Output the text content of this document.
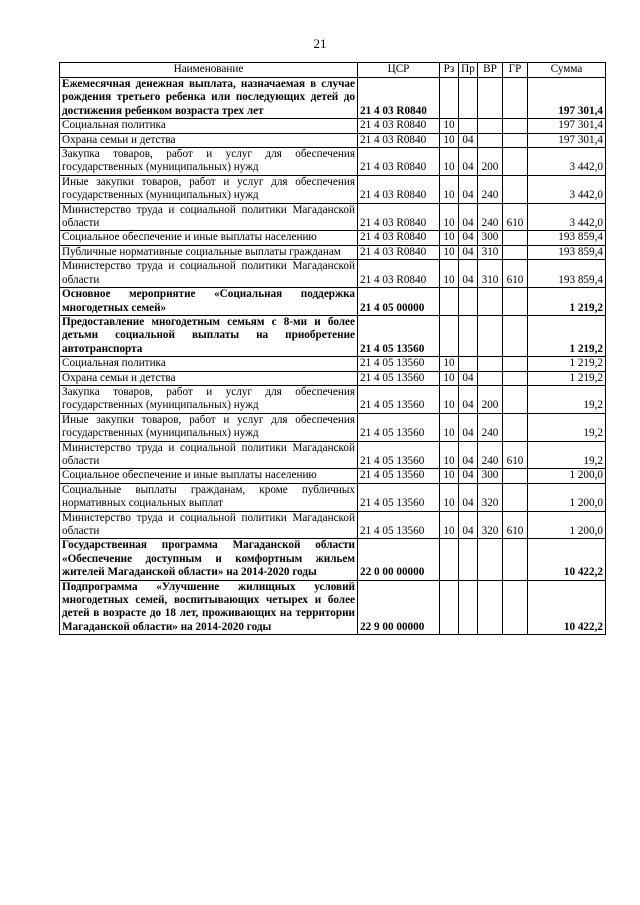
21
Наименование	ЦСР	Рз	Пр	ВР	ГР	Сумма
Ежемесячная денежная выплата, назначаемая в случае рождения третьего ребенка или последующих детей до достижения ребенком возраста трех лет	21 4 03 R0840					197 301,4
Социальная политика	21 4 03 R0840	10				197 301,4
Охрана семьи и детства	21 4 03 R0840	10	04			197 301,4
Закупка товаров, работ и услуг для обеспечения государственных (муниципальных) нужд	21 4 03 R0840	10	04	200		3 442,0
Иные закупки товаров, работ и услуг для обеспечения государственных (муниципальных) нужд	21 4 03 R0840	10	04	240		3 442,0
Министерство труда и социальной политики Магаданской области	21 4 03 R0840	10	04	240	610	3 442,0
Социальное обеспечение и иные выплаты населению	21 4 03 R0840	10	04	300		193 859,4
Публичные нормативные социальные выплаты гражданам	21 4 03 R0840	10	04	310		193 859,4
Министерство труда и социальной политики Магаданской области	21 4 03 R0840	10	04	310	610	193 859,4
Основное мероприятие «Социальная поддержка многодетных семей»	21 4 05 00000					1 219,2
Предоставление многодетным семьям с 8-ми и более детьми социальной выплаты на приобретение автотранспорта	21 4 05 13560					1 219,2
Социальная политика	21 4 05 13560	10				1 219,2
Охрана семьи и детства	21 4 05 13560	10	04			1 219,2
Закупка товаров, работ и услуг для обеспечения государственных (муниципальных) нужд	21 4 05 13560	10	04	200		19,2
Иные закупки товаров, работ и услуг для обеспечения государственных (муниципальных) нужд	21 4 05 13560	10	04	240		19,2
Министерство труда и социальной политики Магаданской области	21 4 05 13560	10	04	240	610	19,2
Социальное обеспечение и иные выплаты населению	21 4 05 13560	10	04	300		1 200,0
Социальные выплаты гражданам, кроме публичных нормативных социальных выплат	21 4 05 13560	10	04	320		1 200,0
Министерство труда и социальной политики Магаданской области	21 4 05 13560	10	04	320	610	1 200,0
Государственная программа Магаданской области «Обеспечение доступным и комфортным жильем жителей Магаданской области» на 2014-2020 годы	22 0 00 00000					10 422,2
Подпрограмма «Улучшение жилищных условий многодетных семей, воспитывающих четырех и более детей в возрасте до 18 лет, проживающих на территории Магаданской области» на 2014-2020 годы	22 9 00 00000					10 422,2
